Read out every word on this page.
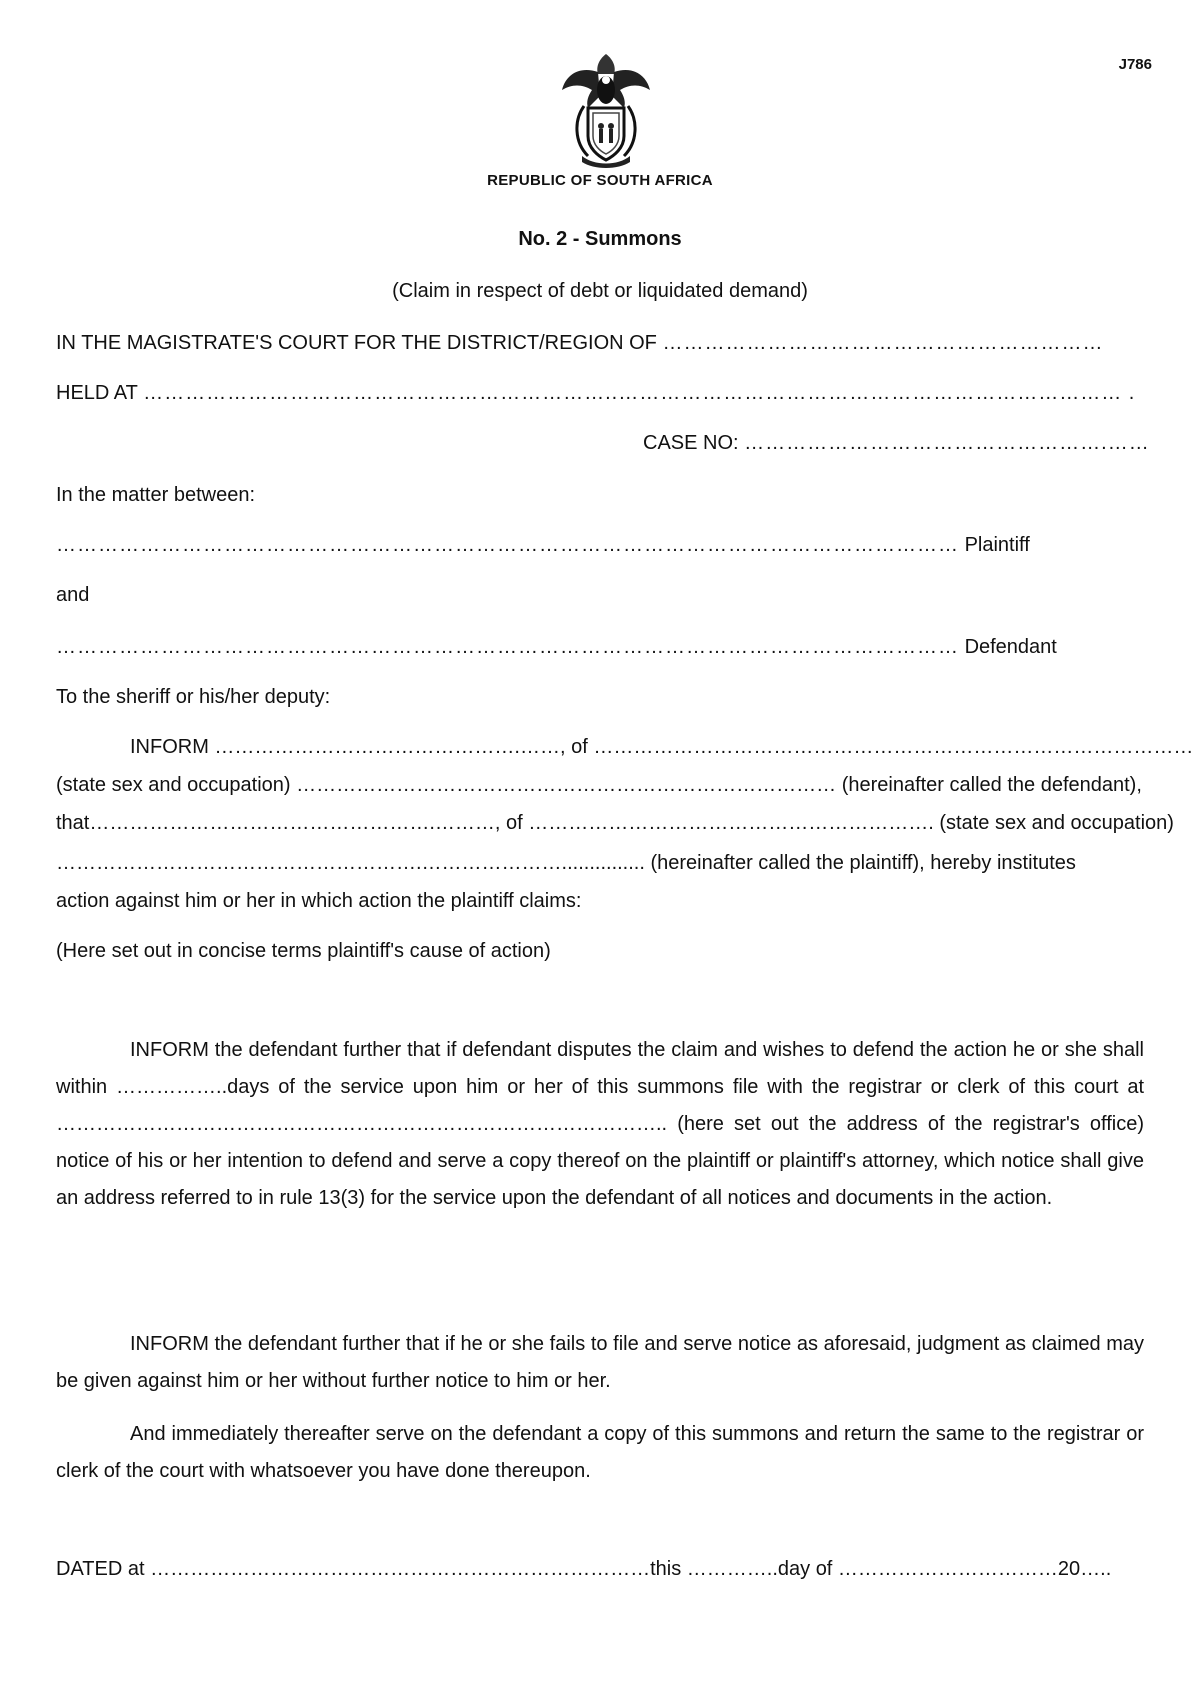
J786
REPUBLIC OF SOUTH AFRICA
No. 2 - Summons
(Claim in respect of debt or liquidated demand)
IN THE MAGISTRATE'S COURT FOR THE DISTRICT/REGION OF ………………………………………………………
HELD AT …………………………………………………………..……………………………………………………………… .
CASE NO: …………………………………………….……
In the matter between:
………………………………………………………………………………………………………………… Plaintiff
and
………………………………………………………………………………………………………………… Defendant
To the sheriff or his/her deputy:
INFORM ……………………………………….……, of ………………………………………………………………………………
(state sex and occupation) ……………………………………………………………………… (hereinafter called the defendant),
that…………………………………………….………, of ……………………………………………………. (state sex and occupation)
……………………………………………….…………………............... (hereinafter called the plaintiff), hereby institutes
action against him or her in which action the plaintiff claims:
(Here set out in concise terms plaintiff's cause of action)

INFORM the defendant further that if defendant disputes the claim and wishes to defend the action he or she shall within ……………..days of the service upon him or her of this summons file with the registrar or clerk of this court at ……………………………………………………………………………….. (here set out the address of the registrar's office) notice of his or her intention to defend and serve a copy thereof on the plaintiff or plaintiff's attorney, which notice shall give an address referred to in rule 13(3) for the service upon the defendant of all notices and documents in the action.

INFORM the defendant further that if he or she fails to file and serve notice as aforesaid, judgment as claimed may be given against him or her without further notice to him or her.

And immediately thereafter serve on the defendant a copy of this summons and return the same to the registrar or clerk of the court with whatsoever you have done thereupon.

DATED at …………………………………………………………………this …………..day of ……………………………20…..
